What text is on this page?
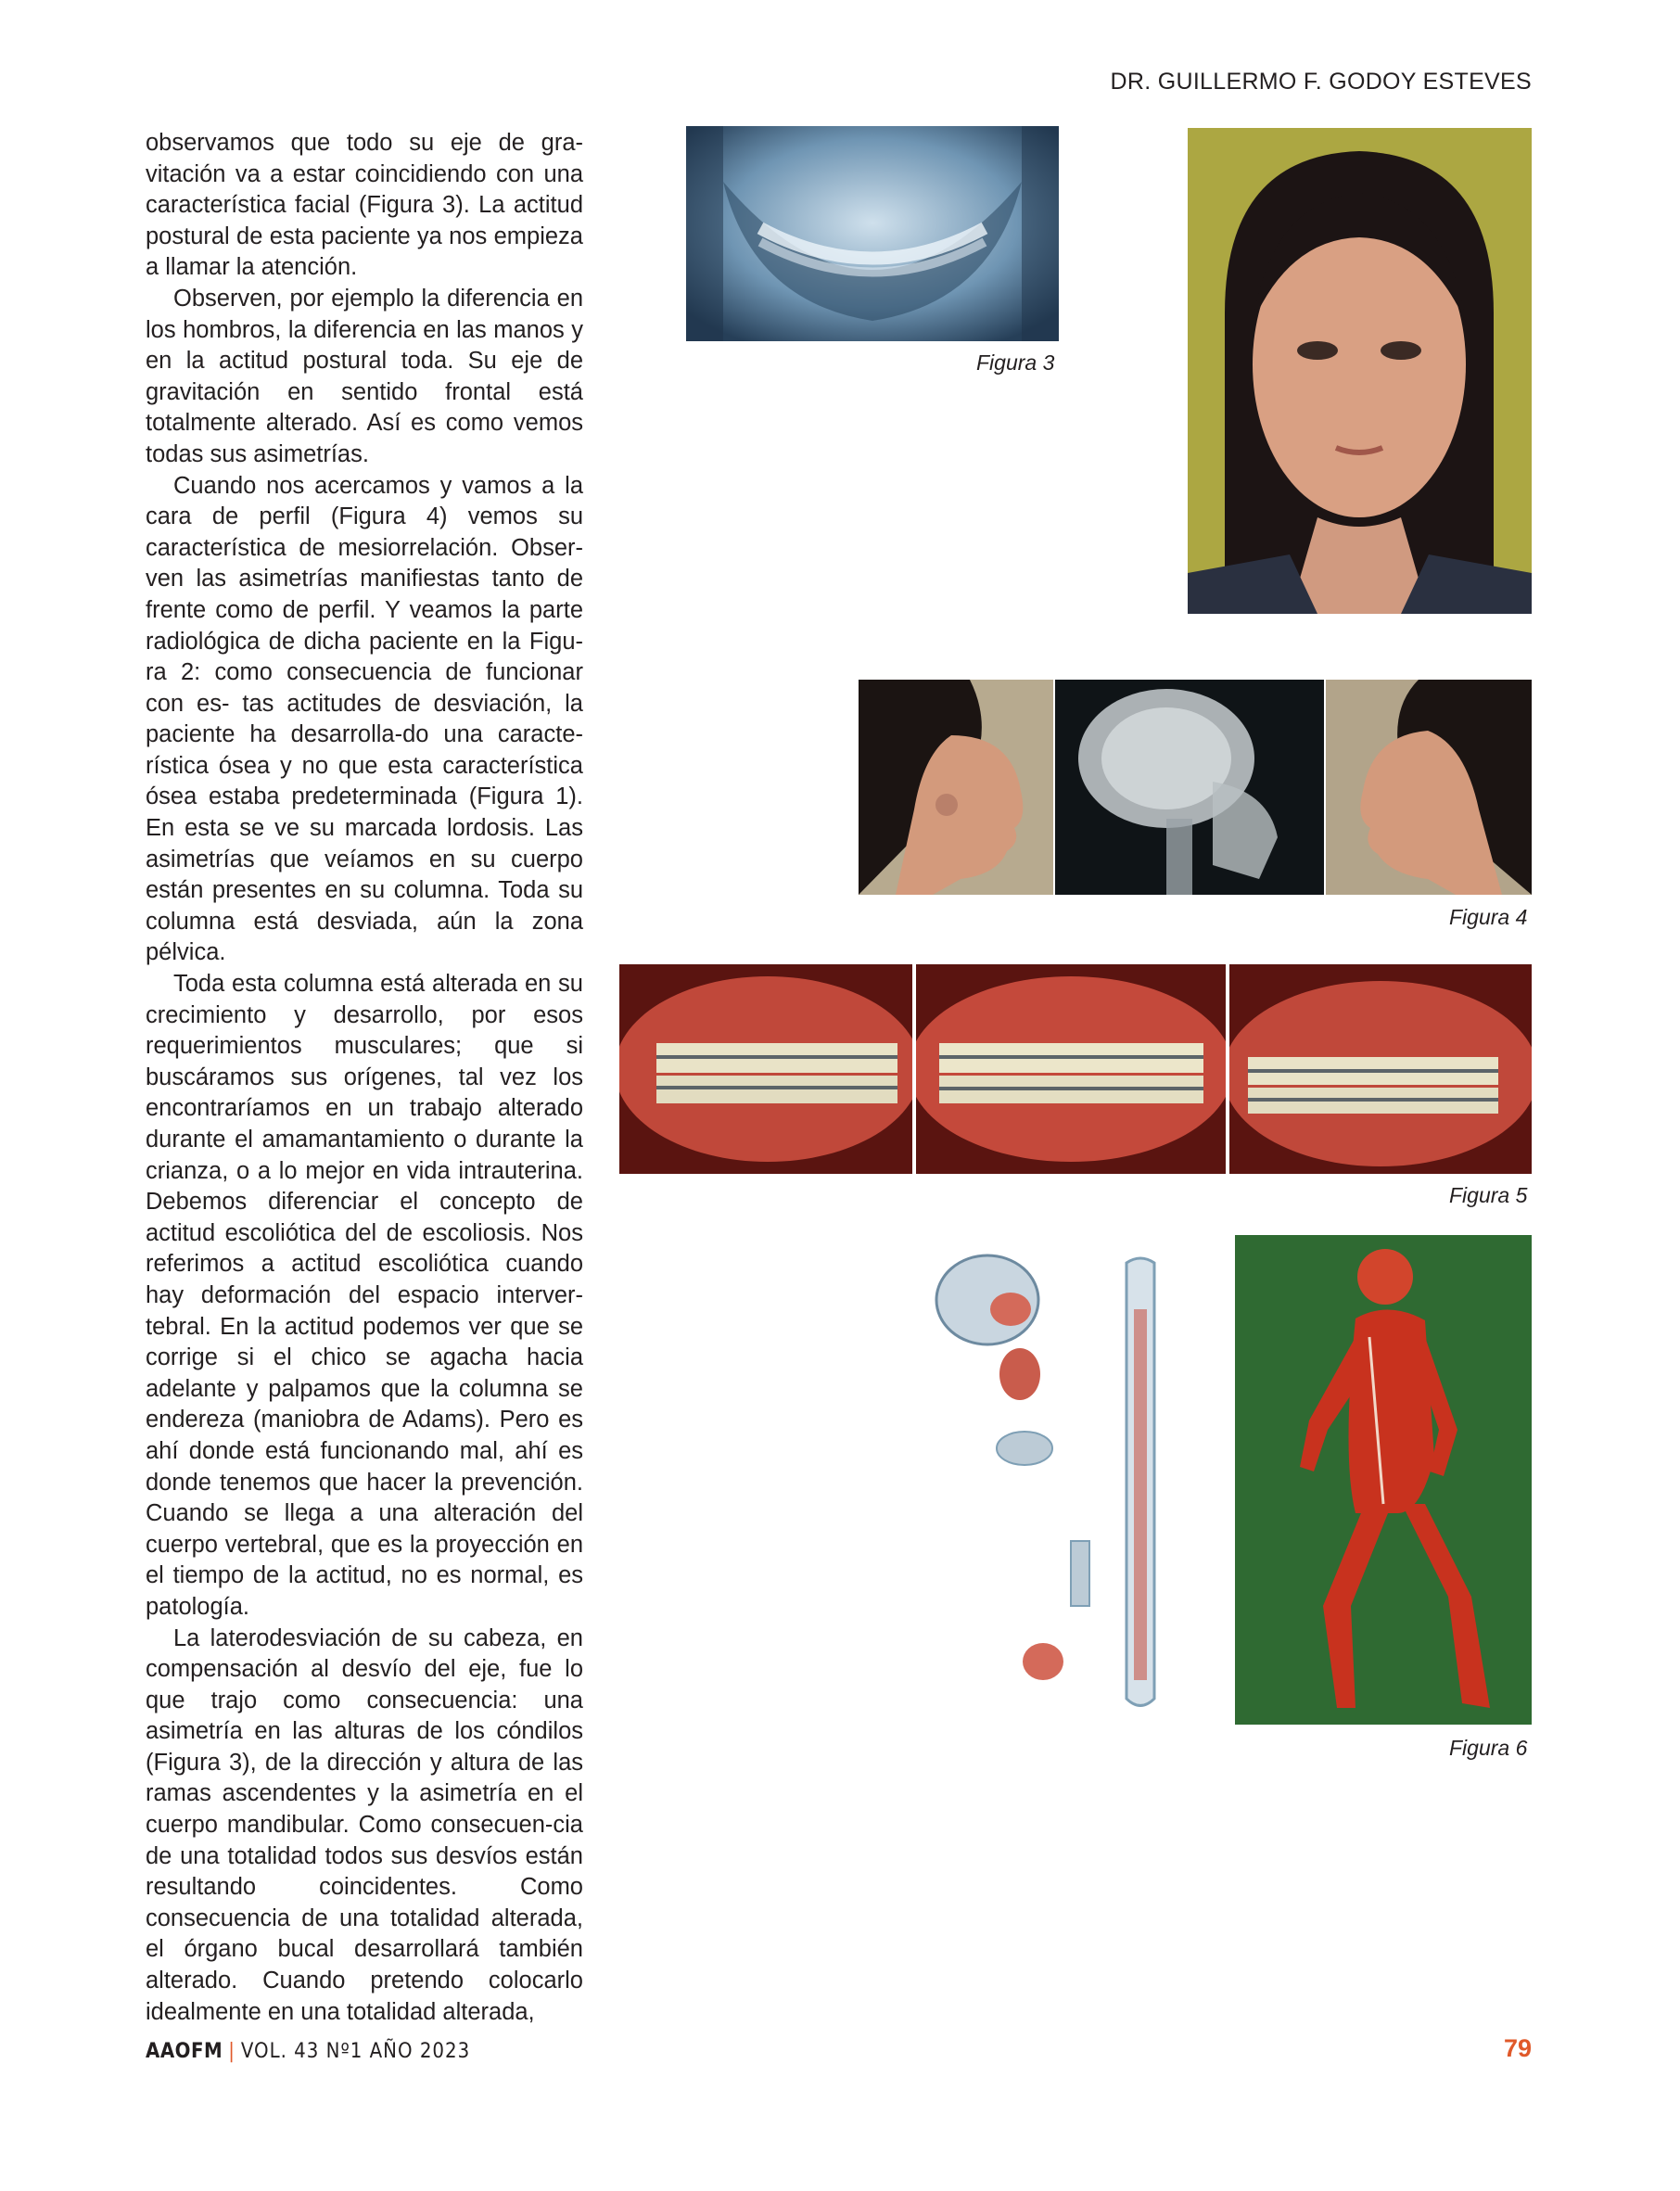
DR. GUILLERMO F. GODOY ESTEVES

observamos que todo su eje de gra-vitación va a estar coincidiendo con una característica facial (Figura 3). La actitud postural de esta paciente ya nos empieza a llamar la atención.

Observen, por ejemplo la diferencia en los hombros, la diferencia en las manos y en la actitud postural toda. Su eje de gravitación en sentido frontal está totalmente alterado. Así es como vemos todas sus asimetrías.

Cuando nos acercamos y vamos a la cara de perfil (Figura 4) vemos su característica de mesiorrelación. Obser-ven las asimetrías manifiestas tanto de frente como de perfil. Y veamos la parte radiológica de dicha paciente en la Figu-ra 2: como consecuencia de funcionar con es- tas actitudes de desviación, la paciente ha desarrolla-do una caracte-rística ósea y no que esta característica ósea estaba predeterminada (Figura 1). En esta se ve su marcada lordosis. Las asimetrías que veíamos en su cuerpo están presentes en su columna. Toda su columna está desviada, aún la zona pélvica.

Toda esta columna está alterada en su crecimiento y desarrollo, por esos requerimientos musculares; que si buscáramos sus orígenes, tal vez los encontraríamos en un trabajo alterado durante el amamantamiento o durante la crianza, o a lo mejor en vida intrauterina. Debemos diferenciar el concepto de actitud escoliótica del de escoliosis. Nos referimos a actitud escoliótica cuando hay deformación del espacio interver-tebral. En la actitud podemos ver que se corrige si el chico se agacha hacia adelante y palpamos que la columna se endereza (maniobra de Adams). Pero es ahí donde está funcionando mal, ahí es donde tenemos que hacer la prevención. Cuando se llega a una alteración del cuerpo vertebral, que es la proyección en el tiempo de la actitud, no es normal, es patología.

La laterodesviación de su cabeza, en compensación al desvío del eje, fue lo que trajo como consecuencia: una asimetría en las alturas de los cóndilos (Figura 3), de la dirección y altura de las ramas ascendentes y la asimetría en el cuerpo mandibular. Como consecuen-cia de una totalidad todos sus desvíos están resultando coincidentes. Como consecuencia de una totalidad alterada, el órgano bucal desarrollará también alterado. Cuando pretendo colocarlo idealmente en una totalidad alterada,

Figura 3
Figura 4
Figura 5
Figura 6
AAOFM | VOL. 43 Nº1 AÑO 2023	79
